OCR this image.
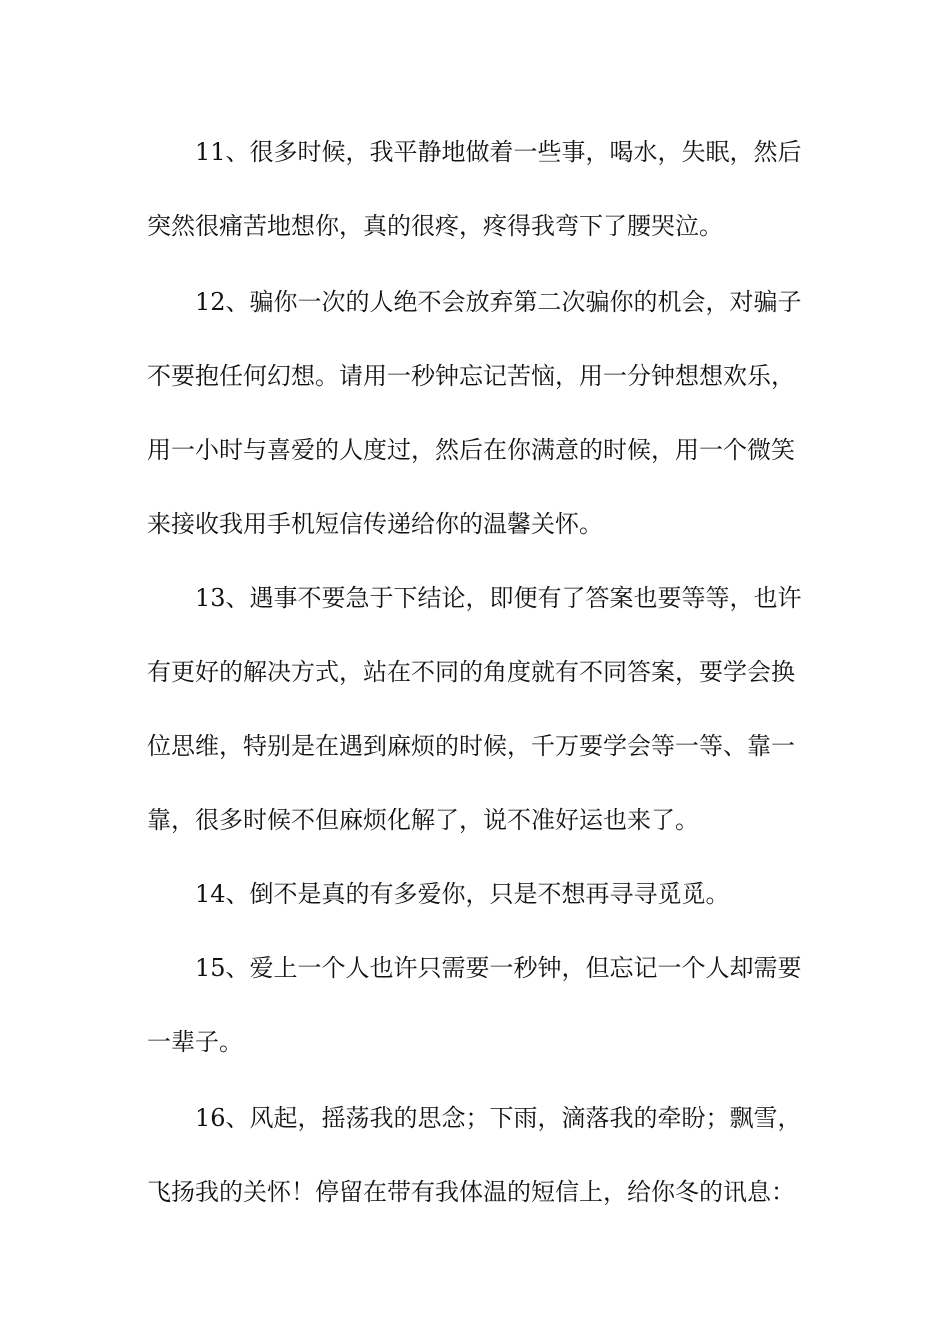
11、很多时候，我平静地做着一些事，喝水，失眠，然后

突然很痛苦地想你，真的很疼，疼得我弯下了腰哭泣。

12、骗你一次的人绝不会放弃第二次骗你的机会，对骗子

不要抱任何幻想。请用一秒钟忘记苦恼，用一分钟想想欢乐，

用一小时与喜爱的人度过，然后在你满意的时候，用一个微笑

来接收我用手机短信传递给你的温馨关怀。

13、遇事不要急于下结论，即便有了答案也要等等，也许

有更好的解决方式，站在不同的角度就有不同答案，要学会换

位思维，特别是在遇到麻烦的时候，千万要学会等一等、靠一

靠，很多时候不但麻烦化解了，说不准好运也来了。

14、倒不是真的有多爱你，只是不想再寻寻觅觅。

15、爱上一个人也许只需要一秒钟，但忘记一个人却需要

一辈子。

16、风起，摇荡我的思念；下雨，滴落我的牵盼；飘雪，

飞扬我的关怀！停留在带有我体温的短信上，给你冬的讯息：
